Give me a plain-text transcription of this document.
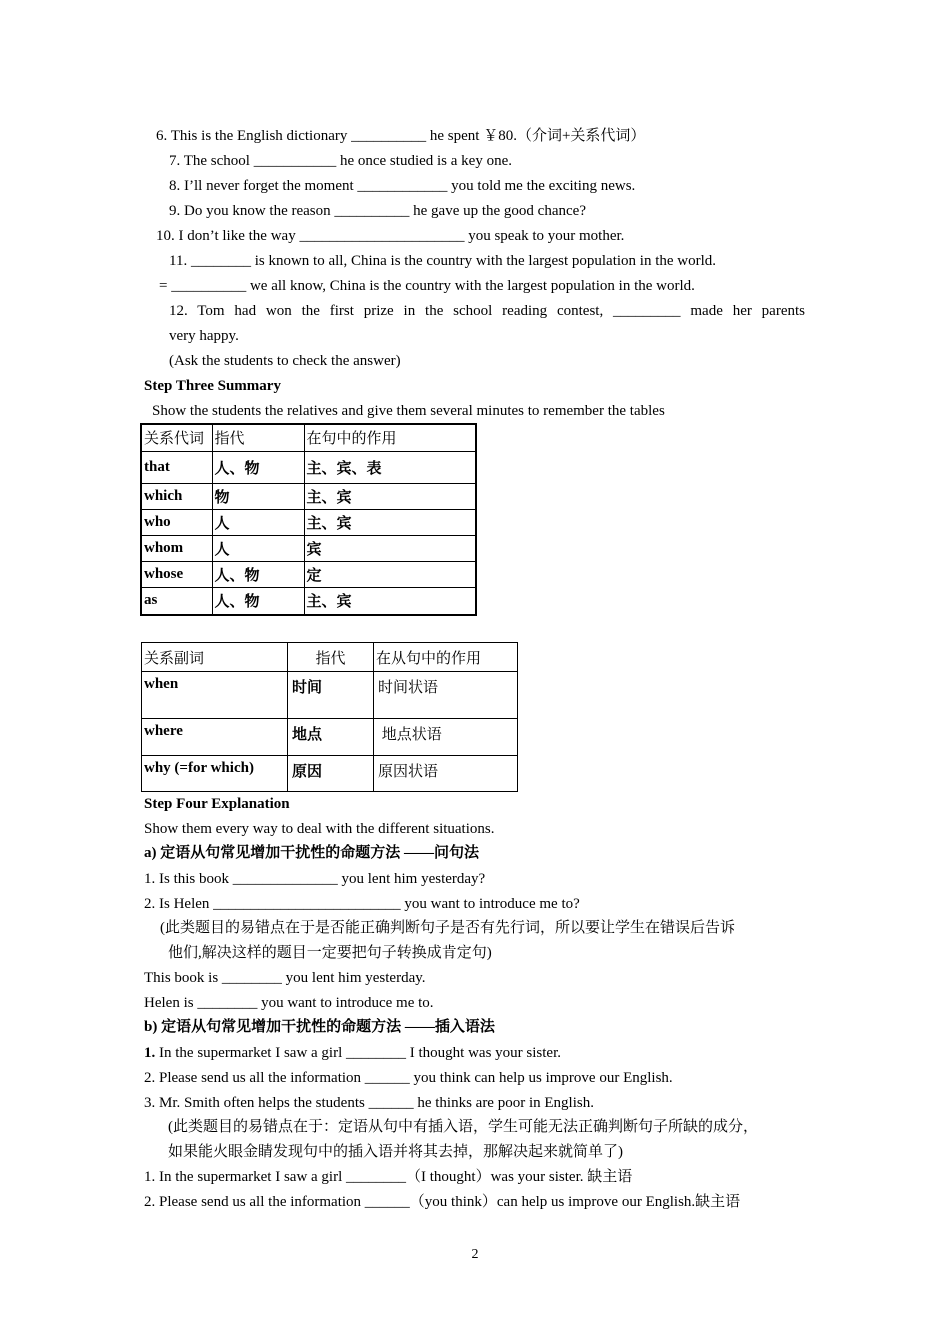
6. This is the English dictionary __________ he spent ￥80.（介词+关系代词）
7. The school ___________ he once studied is a key one.
8. I’ll never forget the moment ____________ you told me the exciting news.
9. Do you know the reason __________ he gave up the good chance?
10. I don’t like the way ______________________ you speak to your mother.
11. ________ is known to all, China is the country with the largest population in the world.
= __________ we all know, China is the country with the largest population in the world.
12. Tom had won the first prize in the school reading contest, _________ made her parents
very happy.
(Ask the students to check the answer)
Step Three Summary
Show the students the relatives and give them several minutes to remember the tables
关系代词	指代	在句中的作用
that	人、物	主、宾、表
which	物	主、宾
who	人	主、宾
whom	人	宾
whose	人、物	定
as	人、物	主、宾
关系副词	指代	在从句中的作用
when	时间	时间状语
where	地点	地点状语
why (=for which)	原因	原因状语
Step Four Explanation
Show them every way to deal with the different situations.
a) 定语从句常见增加干扰性的命题方法 ——问句法
1. Is this book ______________ you lent him yesterday?
2. Is Helen _________________________ you want to introduce me to?
(此类题目的易错点在于是否能正确判断句子是否有先行词，所以要让学生在错误后告诉
他们,解决这样的题目一定要把句子转换成肯定句)
This book is ________ you lent him yesterday.
Helen is ________ you want to introduce me to.
b) 定语从句常见增加干扰性的命题方法 ——插入语法
1. In the supermarket I saw a girl ________ I thought was your sister.
2. Please send us all the information ______ you think can help us improve our English.
3. Mr. Smith often helps the students ______ he thinks are poor in English.
(此类题目的易错点在于：定语从句中有插入语，学生可能无法正确判断句子所缺的成分，
如果能火眼金睛发现句中的插入语并将其去掉，那解决起来就简单了)
1. In the supermarket I saw a girl ________（I thought）was your sister. 缺主语
2. Please send us all the information ______（you think）can help us improve our English.缺主语
2
